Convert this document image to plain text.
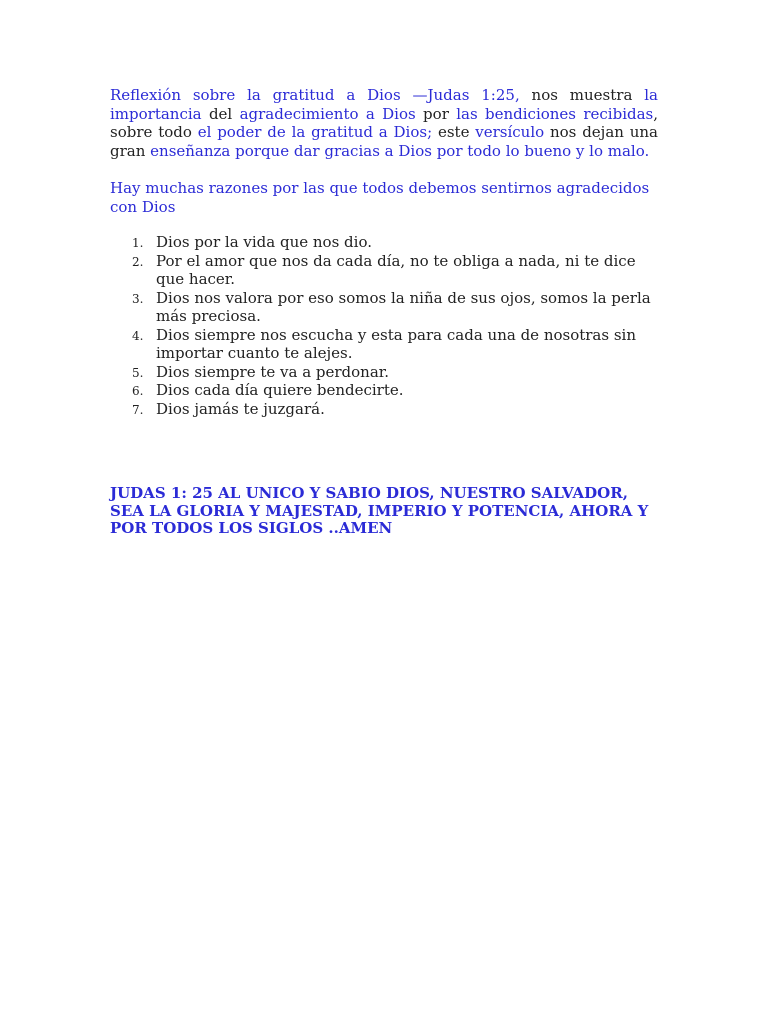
Reflexión sobre la gratitud a Dios —Judas 1:25, nos muestra la importancia del agradecimiento a Dios por las bendiciones recibidas, sobre todo el poder de la gratitud a Dios; este versículo nos dejan una gran enseñanza porque dar gracias a Dios por todo lo bueno y lo malo.

Hay muchas razones por las que todos debemos sentirnos agradecidos con Dios

1. Dios por la vida que nos dio.
2. Por el amor que nos da cada día, no te obliga a nada, ni te dice que hacer.
3. Dios nos valora por eso somos la niña de sus ojos, somos la perla más preciosa.
4. Dios siempre nos escucha y esta para cada una de nosotras sin importar cuanto te alejes.
5. Dios siempre te va a perdonar.
6. Dios cada día quiere bendecirte.
7. Dios jamás te juzgará.

JUDAS 1: 25 AL UNICO Y SABIO DIOS, NUESTRO SALVADOR, SEA LA GLORIA Y MAJESTAD, IMPERIO Y POTENCIA, AHORA Y POR TODOS LOS SIGLOS ..AMEN
